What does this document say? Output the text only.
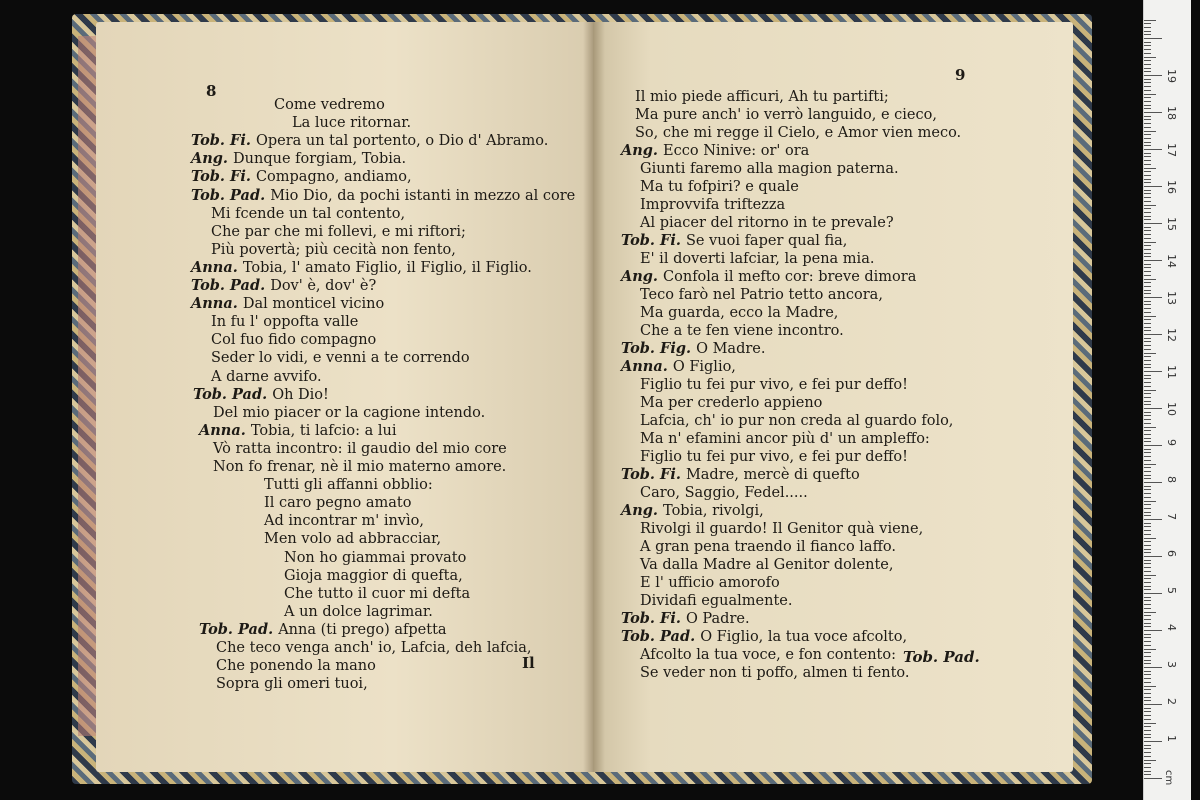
8
Come vedremo
La luce ritornar.
Tob. Fi. Opera un tal portento, o Dio d' Abramo.
Ang. Dunque forgiam, Tobia.
Tob. Fi. Compagno, andiamo,
Tob. Pad. Mio Dio, da pochi istanti in mezzo al core
Mi fcende un tal contento,
Che par che mi follevi, e mi riftori;
Più povertà; più cecità non fento,
Anna. Tobia, l' amato Figlio, il Figlio, il Figlio.
Tob. Pad. Dov' è, dov' è?
Anna. Dal monticel vicino
In fu l' oppofta valle
Col fuo fido compagno
Seder lo vidi, e venni a te correndo
A darne avvifo.
Tob. Pad. Oh Dio!
Del mio piacer or la cagione intendo.
Anna. Tobia, ti lafcio: a lui
Vò ratta incontro: il gaudio del mio core
Non fo frenar, nè il mio materno amore.
Tutti gli affanni obblio:
Il caro pegno amato
Ad incontrar m' invìo,
Men volo ad abbracciar,
Non ho giammai provato
Gioja maggior di quefta,
Che tutto il cuor mi defta
A un dolce lagrimar.
Tob. Pad. Anna (ti prego) afpetta
Che teco venga anch' io, Lafcia, deh lafcia,
Che ponendo la mano
Sopra gli omeri tuoi,
Il
9
Il mio piede afficuri, Ah tu partifti;
Ma pure anch' io verrò languido, e cieco,
So, che mi regge il Cielo, e Amor vien meco.
Ang. Ecco Ninive: or' ora
Giunti faremo alla magion paterna.
Ma tu fofpiri? e quale
Improvvifa triftezza
Al piacer del ritorno in te prevale?
Tob. Fi. Se vuoi faper qual fia,
E' il doverti lafciar, la pena mia.
Ang. Confola il mefto cor: breve dimora
Teco farò nel Patrio tetto ancora,
Ma guarda, ecco la Madre,
Che a te fen viene incontro.
Tob. Fig. O Madre.
Anna. O Figlio,
Figlio tu fei pur vivo, e fei pur deffo!
Ma per crederlo appieno
Lafcia, ch' io pur non creda al guardo folo,
Ma n' efamini ancor più d' un ampleffo:
Figlio tu fei pur vivo, e fei pur deffo!
Tob. Fi. Madre, mercè di quefto
Caro, Saggio, Fedel.....
Ang. Tobia, rivolgi,
Rivolgi il guardo! Il Genitor quà viene,
A gran pena traendo il fianco laffo.
Va dalla Madre al Genitor dolente,
E l' ufficio amorofo
Dividafi egualmente.
Tob. Fi. O Padre.
Tob. Pad. O Figlio, la tua voce afcolto,
Afcolto la tua voce, e fon contento:
Se veder non ti poffo, almen ti fento.
Tob. Pad.
cm
1
2
3
4
5
6
7
8
9
10
11
12
13
14
15
16
17
18
19
